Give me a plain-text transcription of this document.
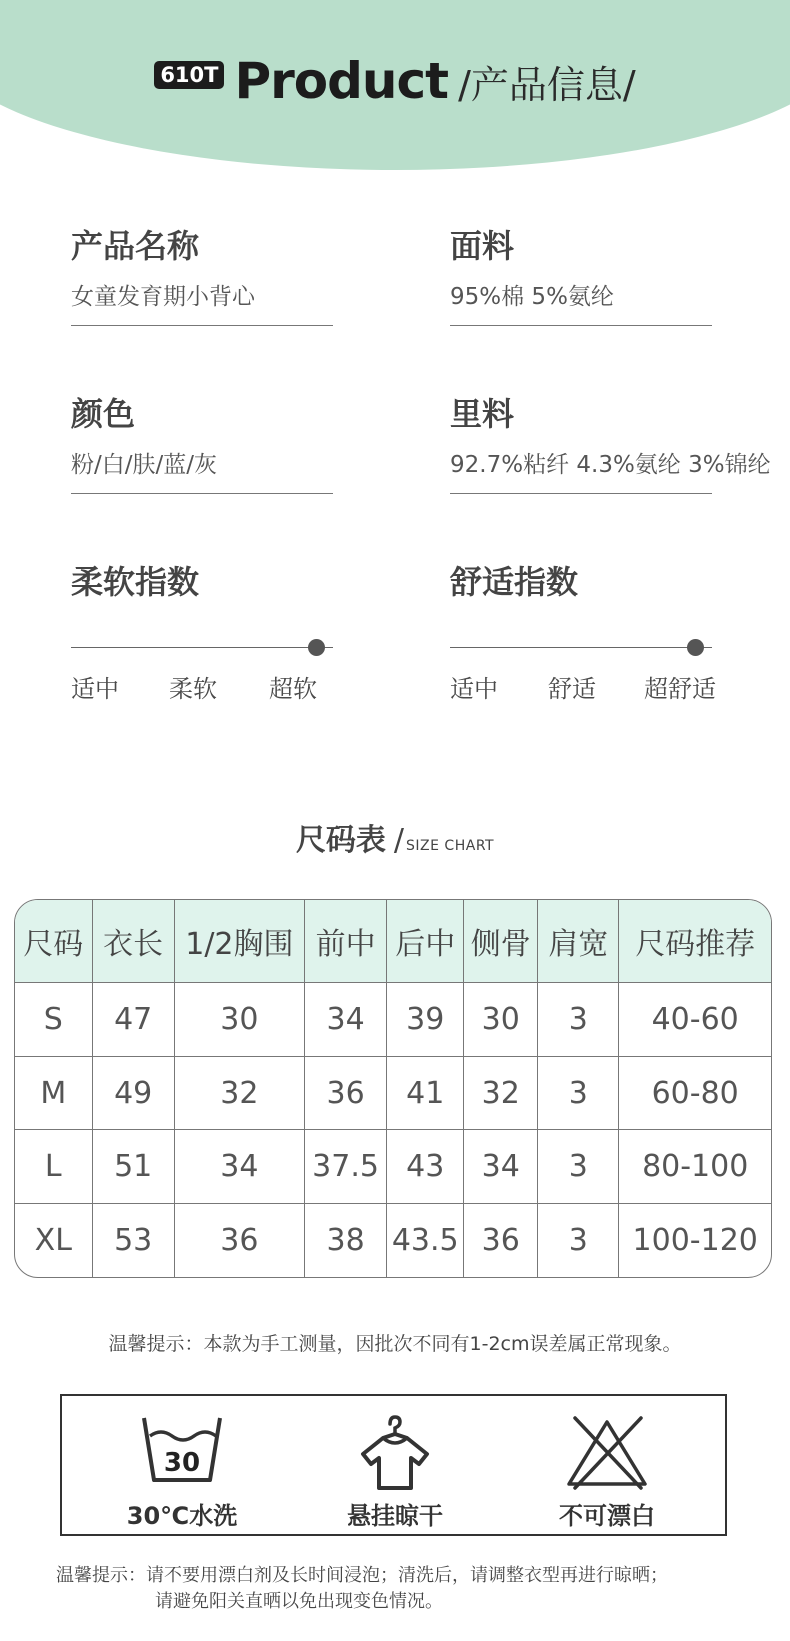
610T Product /产品信息/
产品名称
女童发育期小背心
面料
95%棉 5%氨纶
颜色
粉/白/肤/蓝/灰
里料
92.7%粘纤 4.3%氨纶 3%锦纶
柔软指数
适中 柔软 超软
舒适指数
适中 舒适 超舒适
尺码表 / SIZE CHART
尺码	衣长	1/2胸围	前中	后中	侧骨	肩宽	尺码推荐
S	47	30	34	39	30	3	40-60
M	49	32	36	41	32	3	60-80
L	51	34	37.5	43	34	3	80-100
XL	53	36	38	43.5	36	3	100-120
温馨提示：本款为手工测量，因批次不同有1-2cm误差属正常现象。
30
30℃水洗	悬挂晾干	不可漂白
温馨提示：请不要用漂白剂及长时间浸泡；清洗后，请调整衣型再进行晾晒；
请避免阳关直晒以免出现变色情况。
